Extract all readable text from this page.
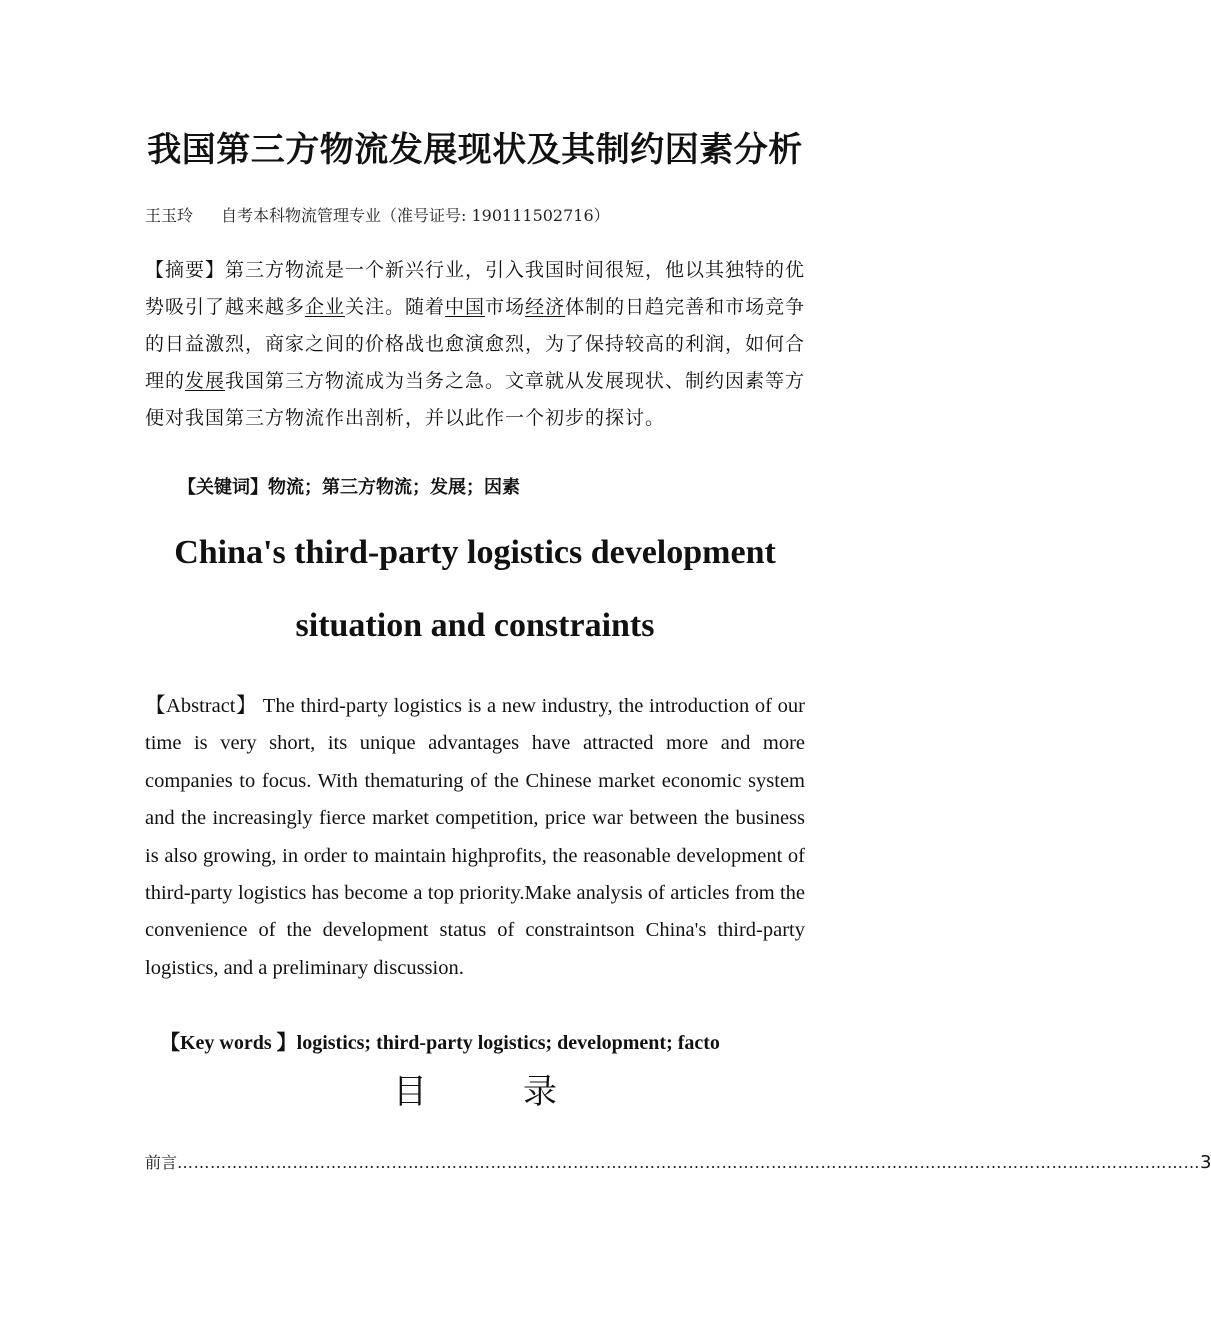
我国第三方物流发展现状及其制约因素分析
王玉玲 自考本科物流管理专业（准号证号: 190111502716）
【摘要】第三方物流是一个新兴行业，引入我国时间很短，他以其独特的优势吸引了越来越多企业关注。随着中国市场经济体制的日趋完善和市场竞争的日益激烈，商家之间的价格战也愈演愈烈，为了保持较高的利润，如何合理的发展我国第三方物流成为当务之急。文章就从发展现状、制约因素等方便对我国第三方物流作出剖析，并以此作一个初步的探讨。
【关键词】物流；第三方物流；发展；因素
China's third-party logistics development
situation and constraints
【Abstract】 The third-party logistics is a new industry, the introduction of our time is very short, its unique advantages have attracted more and more companies to focus. With thematuring of the Chinese market economic system and the increasingly fierce market competition, price war between the business is also growing, in order to maintain highprofits, the reasonable development of third-party logistics has become a top priority.Make analysis of articles from the convenience of the development status of constraintson China's third-party logistics, and a preliminary discussion.
【Key words 】logistics; third-party logistics; development; facto
目	录
前言 …………………………………………………………………………………………………………………………………………………………………… 3
